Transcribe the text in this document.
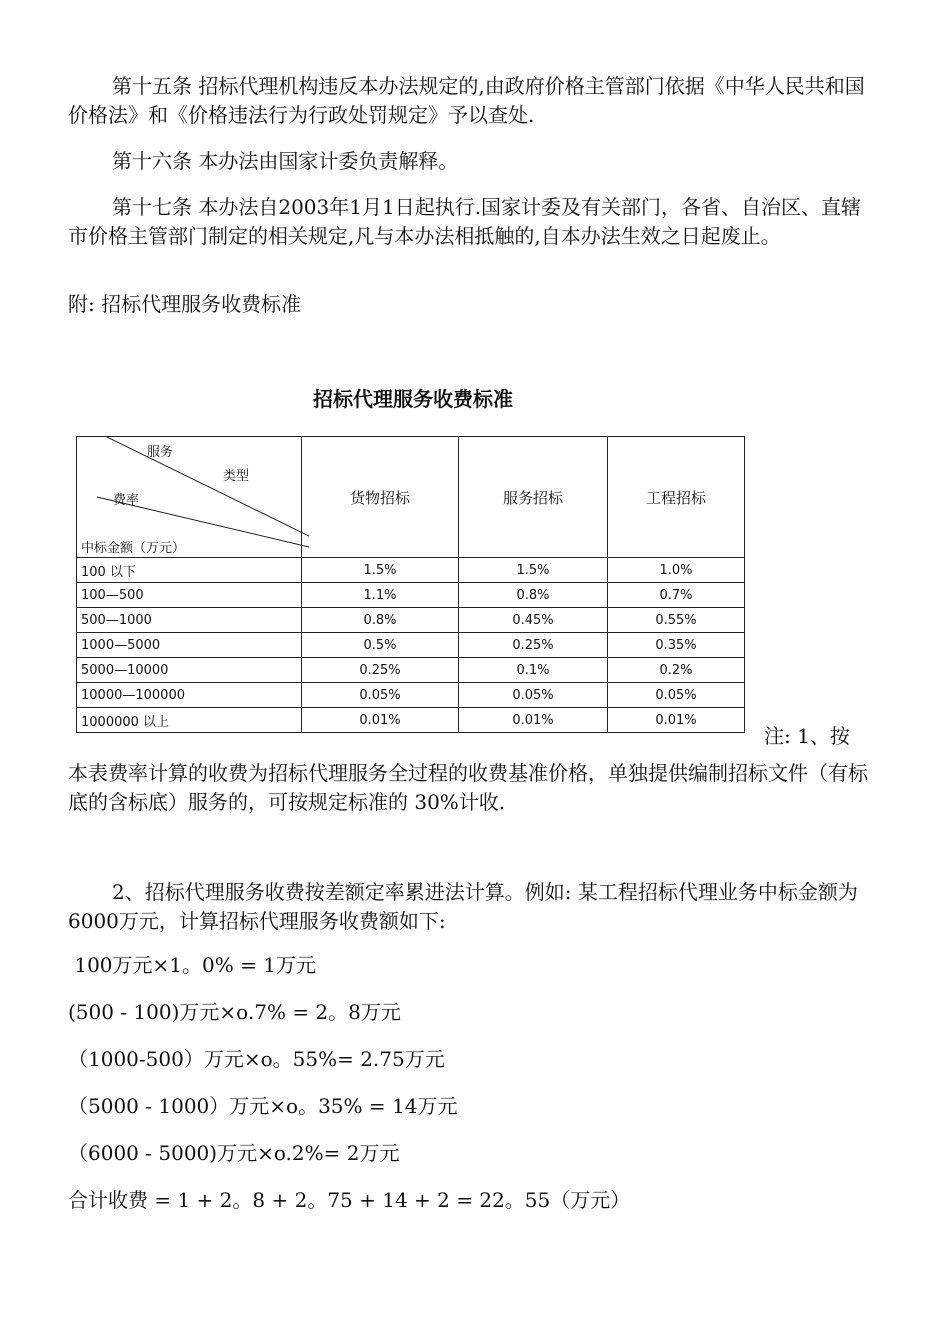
第十五条 招标代理机构违反本办法规定的,由政府价格主管部门依据《中华人民共和国价格法》和《价格违法行为行政处罚规定》予以查处.

第十六条 本办法由国家计委负责解释。

第十七条 本办法自2003年1月1日起执行.国家计委及有关部门，各省、自治区、直辖市价格主管部门制定的相关规定,凡与本办法相抵触的,自本办法生效之日起废止。

附: 招标代理服务收费标准

招标代理服务收费标准
服务
类型
费率
中标金额（万元）	货物招标	服务招标	工程招标
100 以下	1.5%	1.5%	1.0%
100—500	1.1%	0.8%	0.7%
500—1000	0.8%	0.45%	0.55%
1000—5000	0.5%	0.25%	0.35%
5000—10000	0.25%	0.1%	0.2%
10000—100000	0.05%	0.05%	0.05%
1000000 以上	0.01%	0.01%	0.01%
注: 1、按

本表费率计算的收费为招标代理服务全过程的收费基准价格，单独提供编制招标文件（有标底的含标底）服务的，可按规定标准的 30%计收.

2、招标代理服务收费按差额定率累进法计算。例如: 某工程招标代理业务中标金额为6000万元，计算招标代理服务收费额如下:

100万元×1。0% = 1万元
(500 - 100)万元×o.7% = 2。8万元
（1000-500）万元×o。55%= 2.75万元
（5000 - 1000）万元×o。35% = 14万元
（6000 - 5000)万元×o.2%= 2万元
合计收费 = 1 + 2。8 + 2。75 + 14 + 2 = 22。55（万元）
